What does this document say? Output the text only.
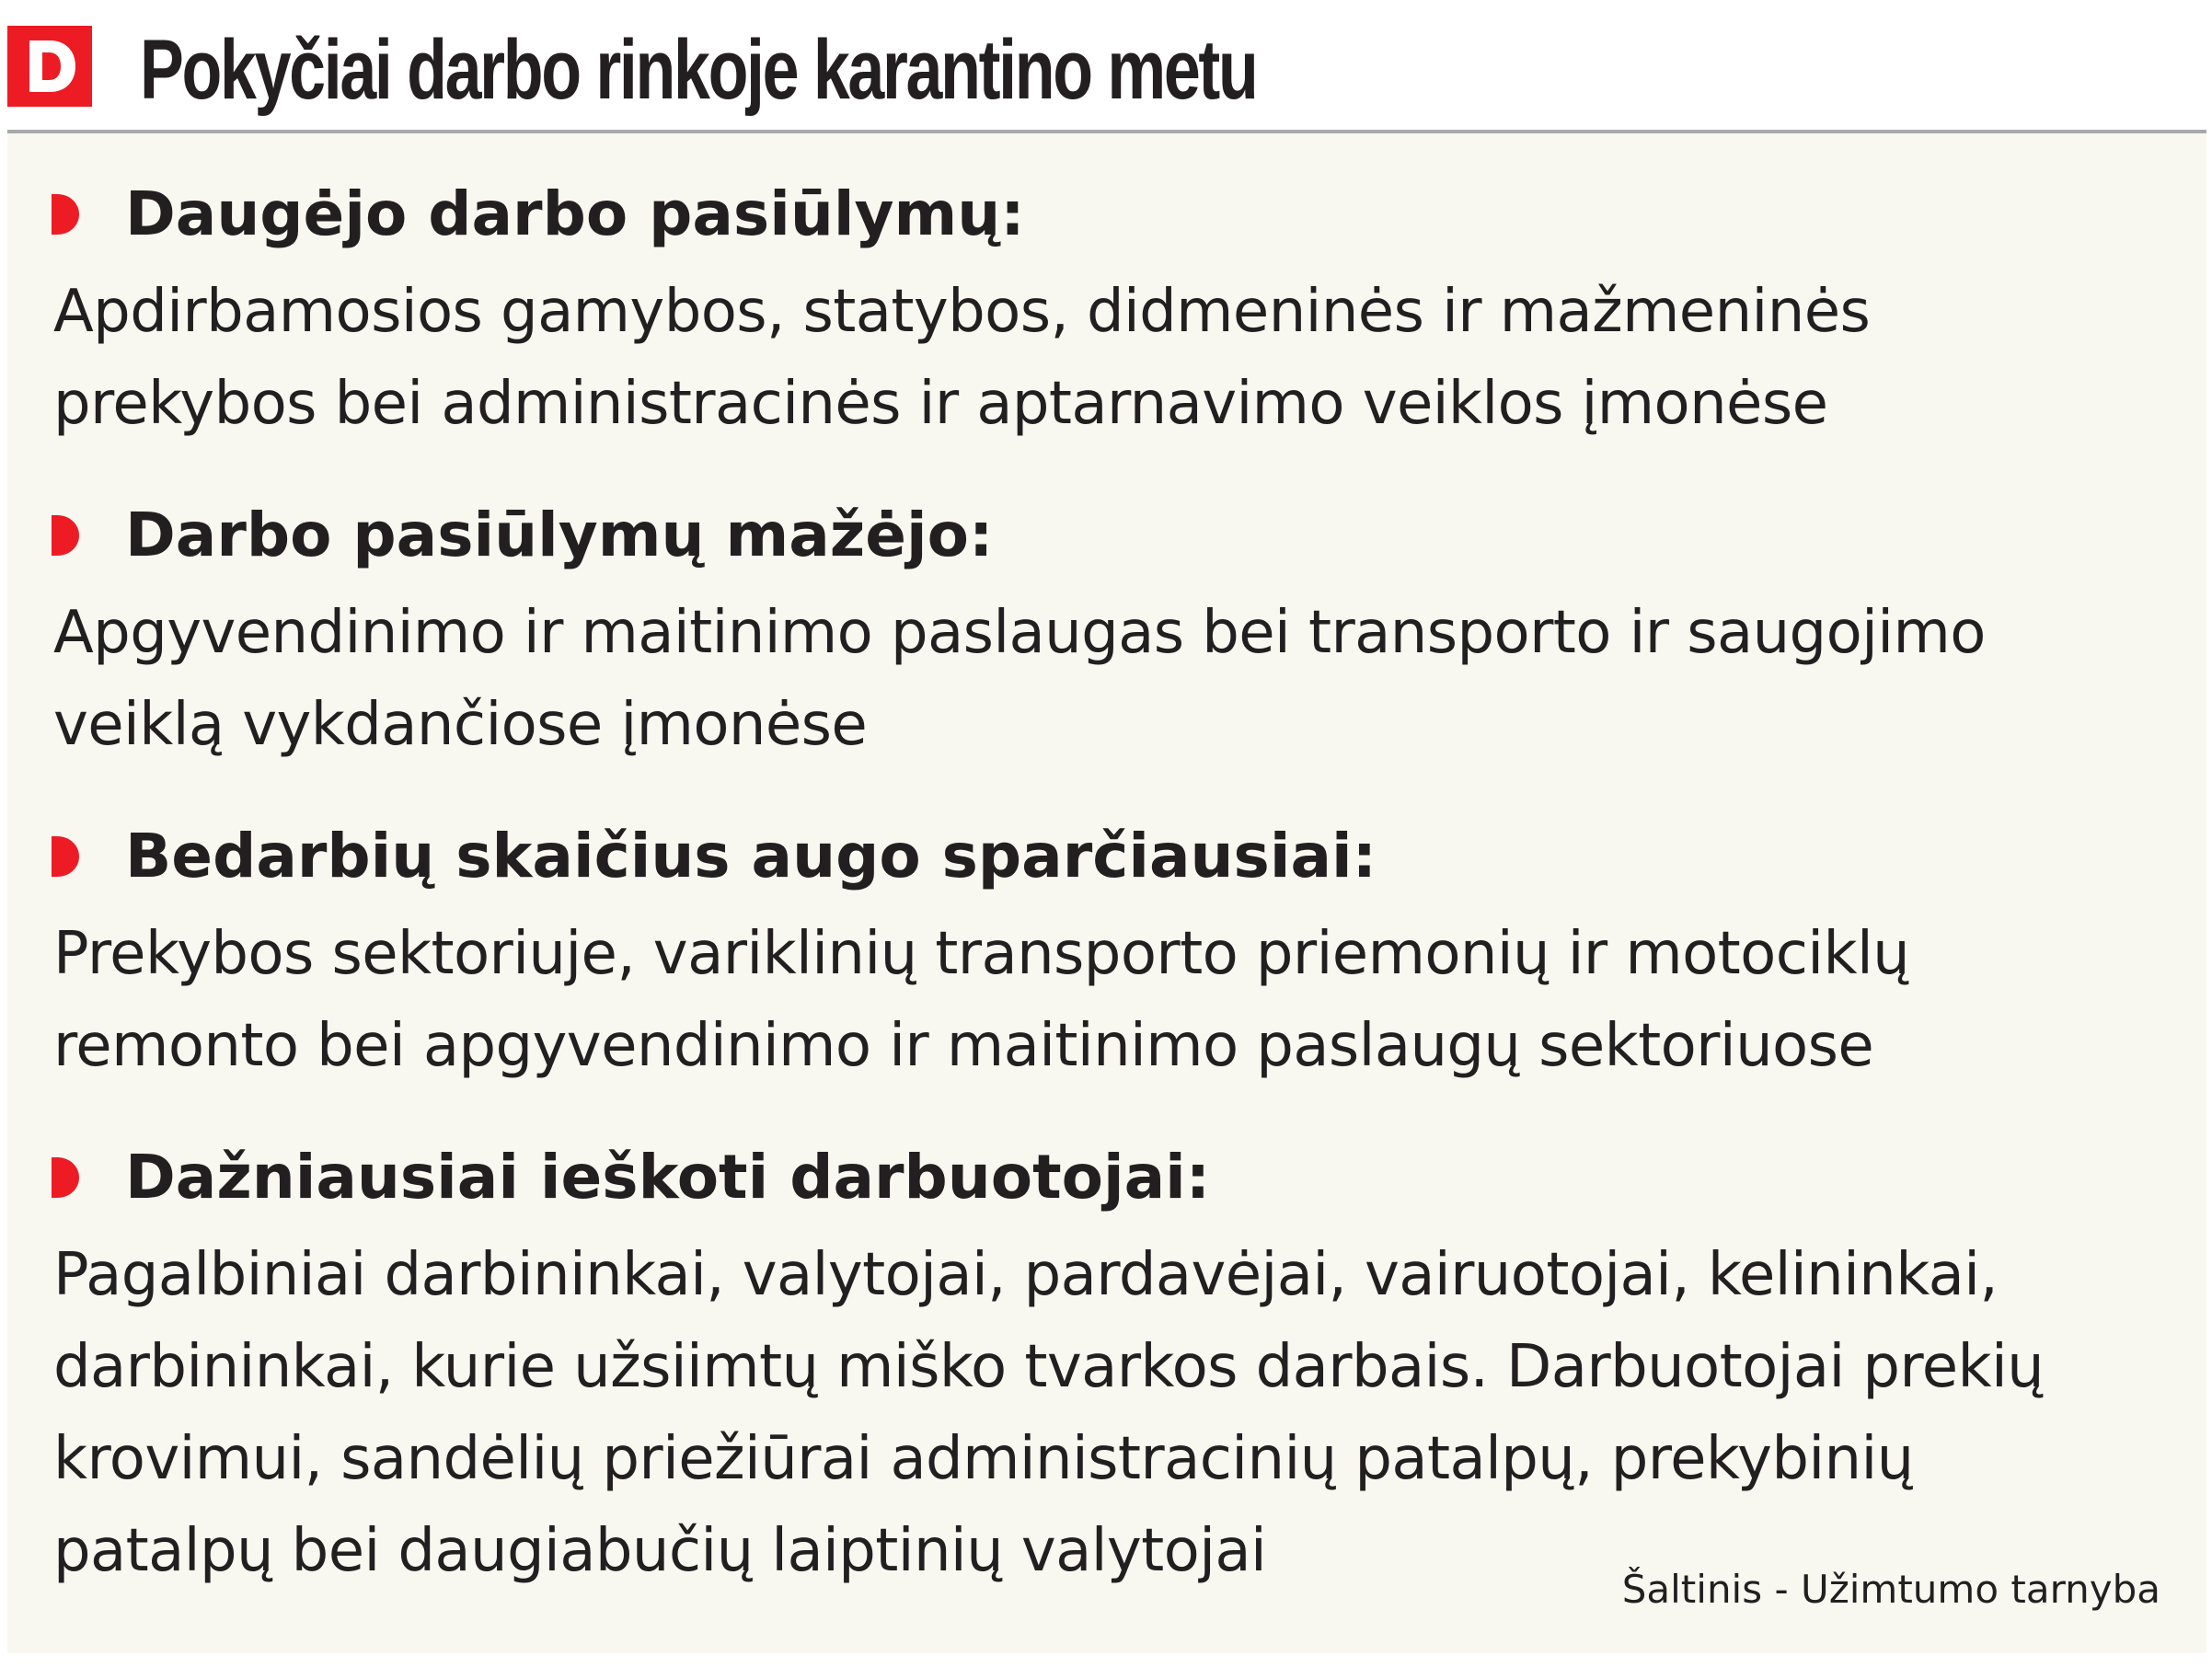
Pokyčiai darbo rinkoje karantino metu
Daugėjo darbo pasiūlymų:

Apdirbamosios gamybos, statybos, didmeninės ir mažmeninės
prekybos bei administracinės ir aptarnavimo veiklos įmonėse

Darbo pasiūlymų mažėjo:

Apgyvendinimo ir maitinimo paslaugas bei transporto ir saugojimo
veiklą vykdančiose įmonėse

Bedarbių skaičius augo sparčiausiai:

Prekybos sektoriuje, variklinių transporto priemonių ir motociklų
remonto bei apgyvendinimo ir maitinimo paslaugų sektoriuose

Dažniausiai ieškoti darbuotojai:

Pagalbiniai darbininkai, valytojai, pardavėjai, vairuotojai, kelininkai,
darbininkai, kurie užsiimtų miško tvarkos darbais. Darbuotojai prekių
krovimui, sandėlių priežiūrai administracinių patalpų, prekybinių
patalpų bei daugiabučių laiptinių valytojai

Šaltinis - Užimtumo tarnyba
